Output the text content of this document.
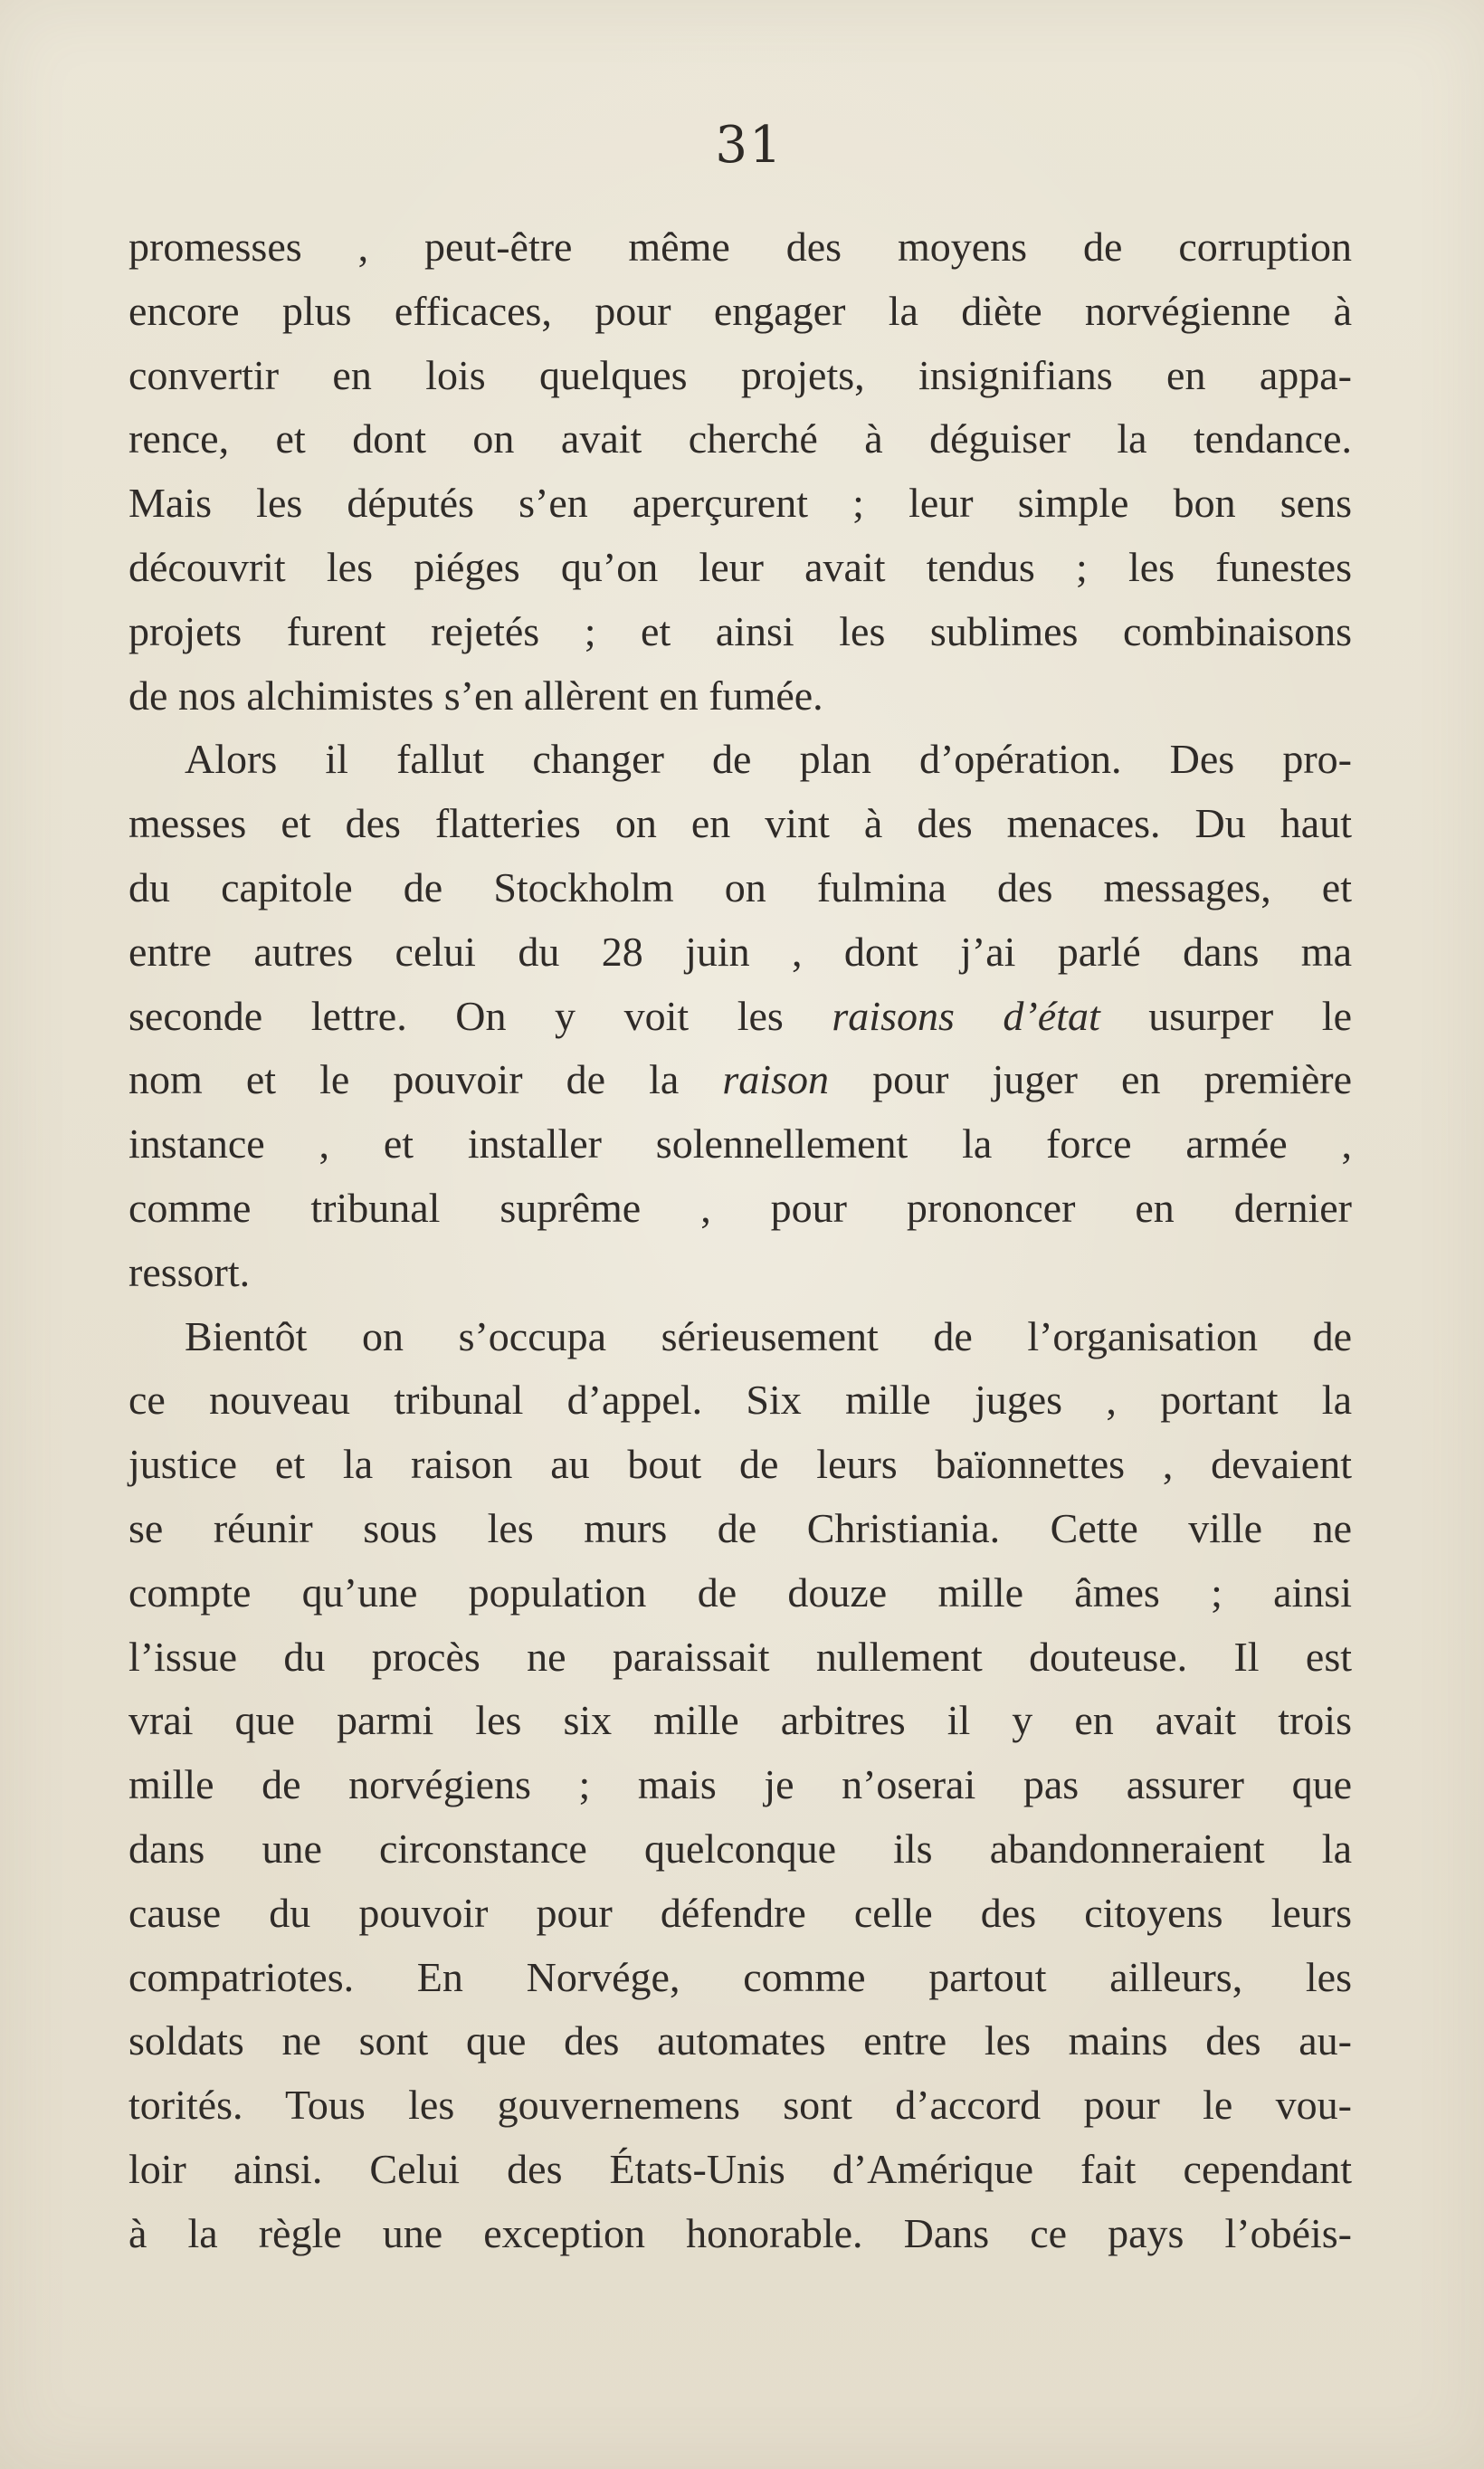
31
promesses , peut-être même des moyens de corruption
encore plus efficaces, pour engager la diète norvégienne à
convertir en lois quelques projets, insignifians en appa-
rence, et dont on avait cherché à déguiser la tendance.
Mais les députés s’en aperçurent ; leur simple bon sens
découvrit les piéges qu’on leur avait tendus ; les funestes
projets furent rejetés ; et ainsi les sublimes combinaisons
de nos alchimistes s’en allèrent en fumée.
Alors il fallut changer de plan d’opération. Des pro-
messes et des flatteries on en vint à des menaces. Du haut
du capitole de Stockholm on fulmina des messages, et
entre autres celui du 28 juin , dont j’ai parlé dans ma
seconde lettre. On y voit les raisons d’état usurper le
nom et le pouvoir de la raison pour juger en première
instance , et installer solennellement la force armée ,
comme tribunal suprême , pour prononcer en dernier
ressort.
Bientôt on s’occupa sérieusement de l’organisation de
ce nouveau tribunal d’appel. Six mille juges , portant la
justice et la raison au bout de leurs baïonnettes , devaient
se réunir sous les murs de Christiania. Cette ville ne
compte qu’une population de douze mille âmes ; ainsi
l’issue du procès ne paraissait nullement douteuse. Il est
vrai que parmi les six mille arbitres il y en avait trois
mille de norvégiens ; mais je n’oserai pas assurer que
dans une circonstance quelconque ils abandonneraient la
cause du pouvoir pour défendre celle des citoyens leurs
compatriotes. En Norvége, comme partout ailleurs, les
soldats ne sont que des automates entre les mains des au-
torités. Tous les gouvernemens sont d’accord pour le vou-
loir ainsi. Celui des États-Unis d’Amérique fait cependant
à la règle une exception honorable. Dans ce pays l’obéis-
